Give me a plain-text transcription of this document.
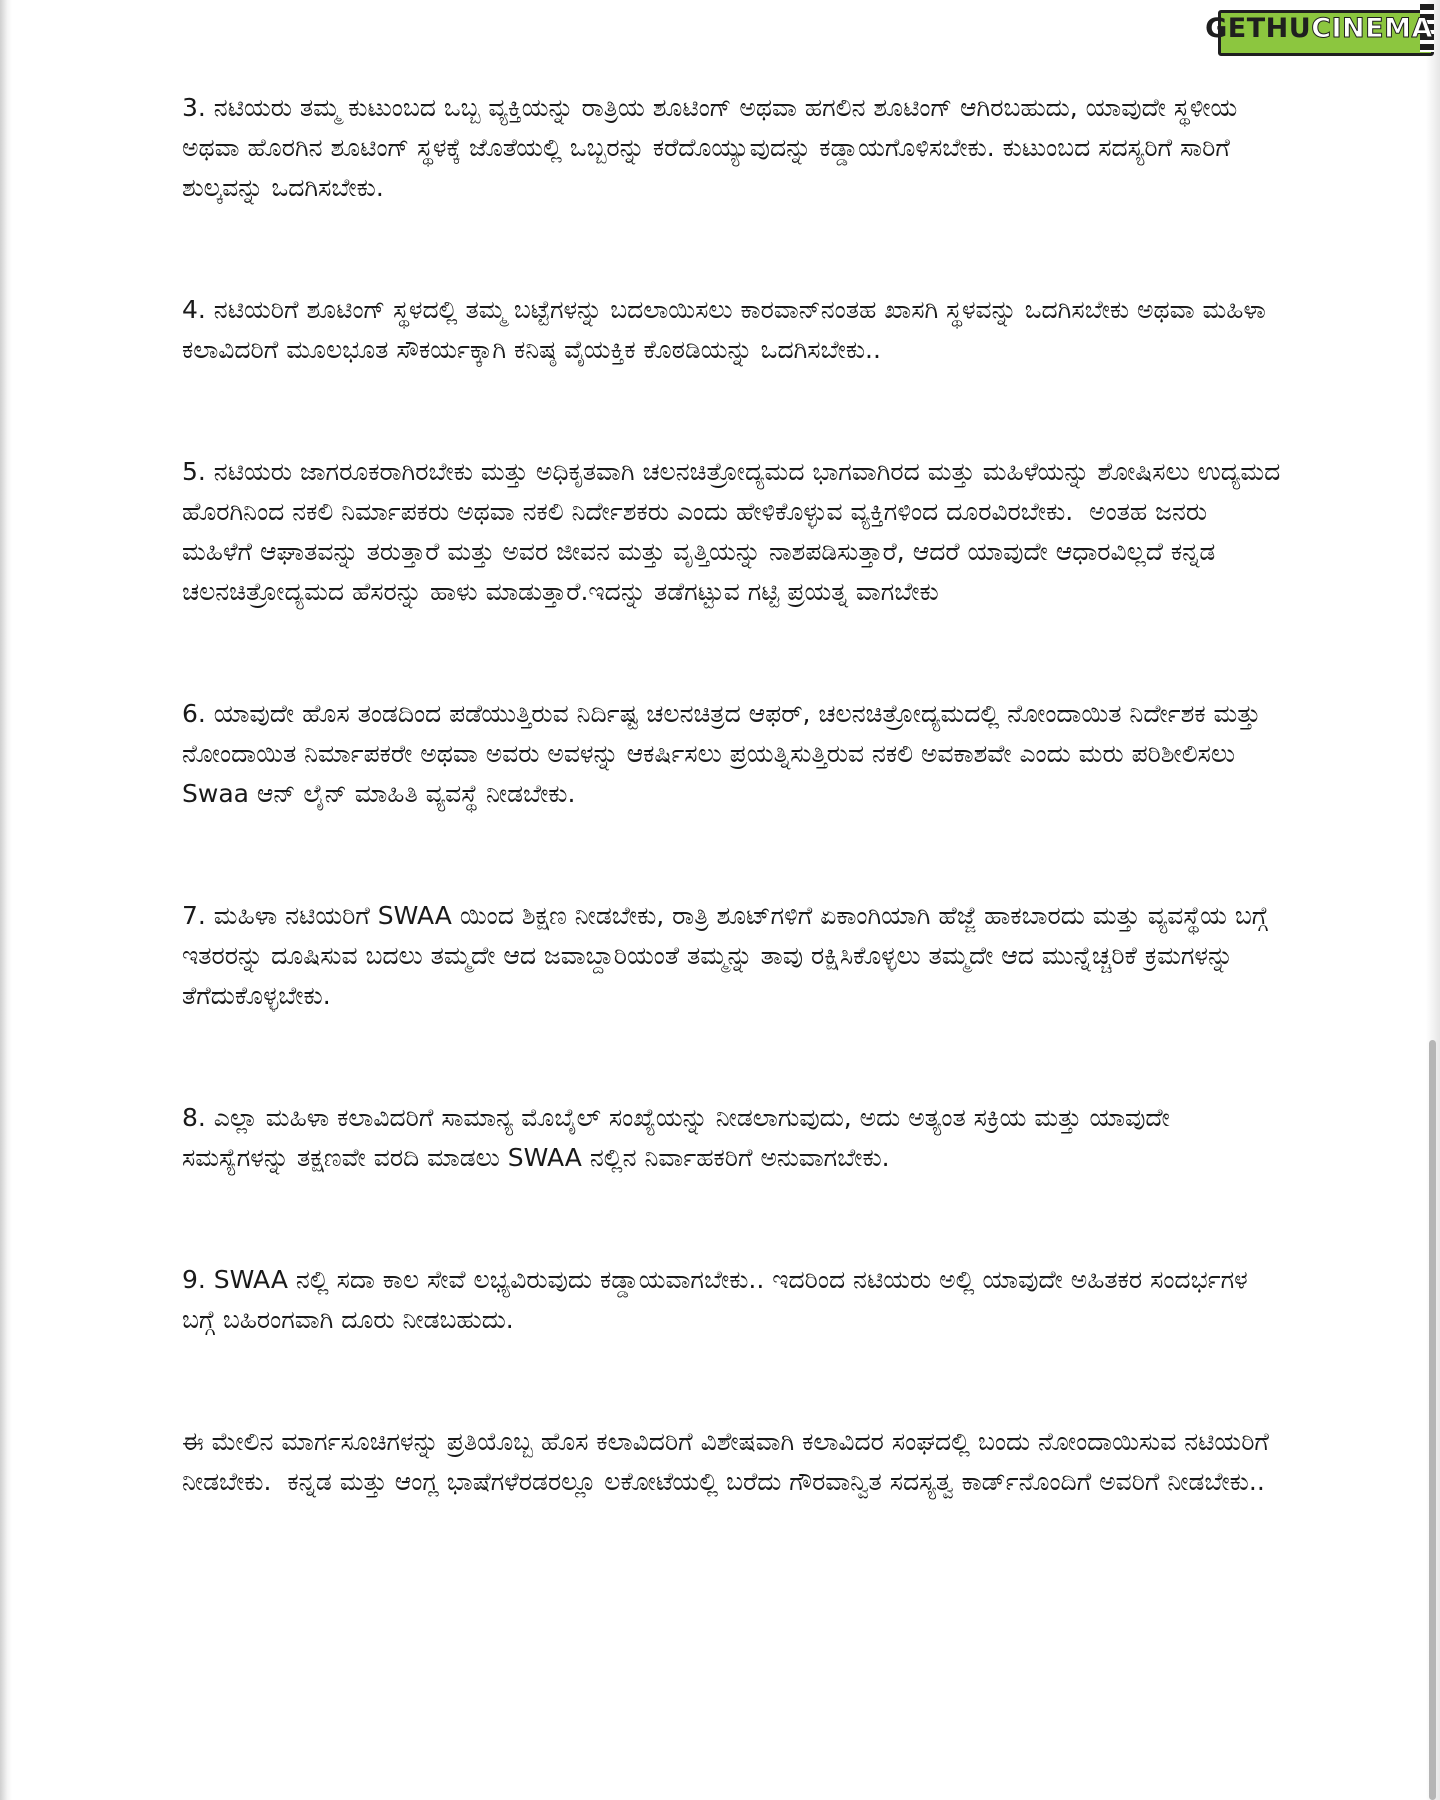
GETHUCINEMA

3. ನಟಿಯರು ತಮ್ಮ ಕುಟುಂಬದ ಒಬ್ಬ ವ್ಯಕ್ತಿಯನ್ನು ರಾತ್ರಿಯ ಶೂಟಿಂಗ್ ಅಥವಾ ಹಗಲಿನ ಶೂಟಿಂಗ್ ಆಗಿರಬಹುದು, ಯಾವುದೇ ಸ್ಥಳೀಯ ಅಥವಾ ಹೊರಗಿನ ಶೂಟಿಂಗ್ ಸ್ಥಳಕ್ಕೆ ಜೊತೆಯಲ್ಲಿ ಒಬ್ಬರನ್ನು ಕರೆದೊಯ್ಯುವುದನ್ನು ಕಡ್ಡಾಯಗೊಳಿಸಬೇಕು. ಕುಟುಂಬದ ಸದಸ್ಯರಿಗೆ ಸಾರಿಗೆ ಶುಲ್ಕವನ್ನು ಒದಗಿಸಬೇಕು.

4. ನಟಿಯರಿಗೆ ಶೂಟಿಂಗ್ ಸ್ಥಳದಲ್ಲಿ ತಮ್ಮ ಬಟ್ಟೆಗಳನ್ನು ಬದಲಾಯಿಸಲು ಕಾರವಾನ್‌ನಂತಹ ಖಾಸಗಿ ಸ್ಥಳವನ್ನು ಒದಗಿಸಬೇಕು ಅಥವಾ ಮಹಿಳಾ ಕಲಾವಿದರಿಗೆ ಮೂಲಭೂತ ಸೌಕರ್ಯಕ್ಕಾಗಿ ಕನಿಷ್ಠ ವೈಯಕ್ತಿಕ ಕೊಠಡಿಯನ್ನು ಒದಗಿಸಬೇಕು..

5. ನಟಿಯರು ಜಾಗರೂಕರಾಗಿರಬೇಕು ಮತ್ತು ಅಧಿಕೃತವಾಗಿ ಚಲನಚಿತ್ರೋದ್ಯಮದ ಭಾಗವಾಗಿರದ ಮತ್ತು ಮಹಿಳೆಯನ್ನು ಶೋಷಿಸಲು ಉದ್ಯಮದ ಹೊರಗಿನಿಂದ ನಕಲಿ ನಿರ್ಮಾಪಕರು ಅಥವಾ ನಕಲಿ ನಿರ್ದೇಶಕರು ಎಂದು ಹೇಳಿಕೊಳ್ಳುವ ವ್ಯಕ್ತಿಗಳಿಂದ ದೂರವಿರಬೇಕು.  ಅಂತಹ ಜನರು ಮಹಿಳೆಗೆ ಆಘಾತವನ್ನು ತರುತ್ತಾರೆ ಮತ್ತು ಅವರ ಜೀವನ ಮತ್ತು ವೃತ್ತಿಯನ್ನು ನಾಶಪಡಿಸುತ್ತಾರೆ, ಆದರೆ ಯಾವುದೇ ಆಧಾರವಿಲ್ಲದೆ ಕನ್ನಡ ಚಲನಚಿತ್ರೋದ್ಯಮದ ಹೆಸರನ್ನು ಹಾಳು ಮಾಡುತ್ತಾರೆ.ಇದನ್ನು ತಡೆಗಟ್ಟುವ ಗಟ್ಟಿ ಪ್ರಯತ್ನ ವಾಗಬೇಕು

6. ಯಾವುದೇ ಹೊಸ ತಂಡದಿಂದ ಪಡೆಯುತ್ತಿರುವ ನಿರ್ದಿಷ್ಟ ಚಲನಚಿತ್ರದ ಆಫರ್, ಚಲನಚಿತ್ರೋದ್ಯಮದಲ್ಲಿ ನೋಂದಾಯಿತ ನಿರ್ದೇಶಕ ಮತ್ತು ನೋಂದಾಯಿತ ನಿರ್ಮಾಪಕರೇ ಅಥವಾ ಅವರು ಅವಳನ್ನು ಆಕರ್ಷಿಸಲು ಪ್ರಯತ್ನಿಸುತ್ತಿರುವ ನಕಲಿ ಅವಕಾಶವೇ ಎಂದು ಮರು ಪರಿಶೀಲಿಸಲು Swaa ಆನ್ ಲೈನ್ ಮಾಹಿತಿ ವ್ಯವಸ್ಥೆ ನೀಡಬೇಕು.

7. ಮಹಿಳಾ ನಟಿಯರಿಗೆ SWAA ಯಿಂದ ಶಿಕ್ಷಣ ನೀಡಬೇಕು, ರಾತ್ರಿ ಶೂಟ್‌ಗಳಿಗೆ ಏಕಾಂಗಿಯಾಗಿ ಹೆಜ್ಜೆ ಹಾಕಬಾರದು ಮತ್ತು ವ್ಯವಸ್ಥೆಯ ಬಗ್ಗೆ ಇತರರನ್ನು ದೂಷಿಸುವ ಬದಲು ತಮ್ಮದೇ ಆದ ಜವಾಬ್ದಾರಿಯಂತೆ ತಮ್ಮನ್ನು ತಾವು ರಕ್ಷಿಸಿಕೊಳ್ಳಲು ತಮ್ಮದೇ ಆದ ಮುನ್ನೆಚ್ಚರಿಕೆ ಕ್ರಮಗಳನ್ನು ತೆಗೆದುಕೊಳ್ಳಬೇಕು.

8. ಎಲ್ಲಾ ಮಹಿಳಾ ಕಲಾವಿದರಿಗೆ ಸಾಮಾನ್ಯ ಮೊಬೈಲ್ ಸಂಖ್ಯೆಯನ್ನು ನೀಡಲಾಗುವುದು, ಅದು ಅತ್ಯಂತ ಸಕ್ರಿಯ ಮತ್ತು ಯಾವುದೇ ಸಮಸ್ಯೆಗಳನ್ನು ತಕ್ಷಣವೇ ವರದಿ ಮಾಡಲು SWAA ನಲ್ಲಿನ ನಿರ್ವಾಹಕರಿಗೆ ಅನುವಾಗಬೇಕು.

9. SWAA ನಲ್ಲಿ ಸದಾ ಕಾಲ ಸೇವೆ ಲಭ್ಯವಿರುವುದು ಕಡ್ಡಾಯವಾಗಬೇಕು.. ಇದರಿಂದ ನಟಿಯರು ಅಲ್ಲಿ ಯಾವುದೇ ಅಹಿತಕರ ಸಂದರ್ಭಗಳ ಬಗ್ಗೆ ಬಹಿರಂಗವಾಗಿ ದೂರು ನೀಡಬಹುದು.

ಈ ಮೇಲಿನ ಮಾರ್ಗಸೂಚಿಗಳನ್ನು ಪ್ರತಿಯೊಬ್ಬ ಹೊಸ ಕಲಾವಿದರಿಗೆ ವಿಶೇಷವಾಗಿ ಕಲಾವಿದರ ಸಂಘದಲ್ಲಿ ಬಂದು ನೋಂದಾಯಿಸುವ ನಟಿಯರಿಗೆ ನೀಡಬೇಕು.  ಕನ್ನಡ ಮತ್ತು ಆಂಗ್ಲ ಭಾಷೆಗಳೆರಡರಲ್ಲೂ ಲಕೋಟೆಯಲ್ಲಿ ಬರೆದು ಗೌರವಾನ್ವಿತ ಸದಸ್ಯತ್ವ ಕಾರ್ಡ್‌ನೊಂದಿಗೆ ಅವರಿಗೆ ನೀಡಬೇಕು..
